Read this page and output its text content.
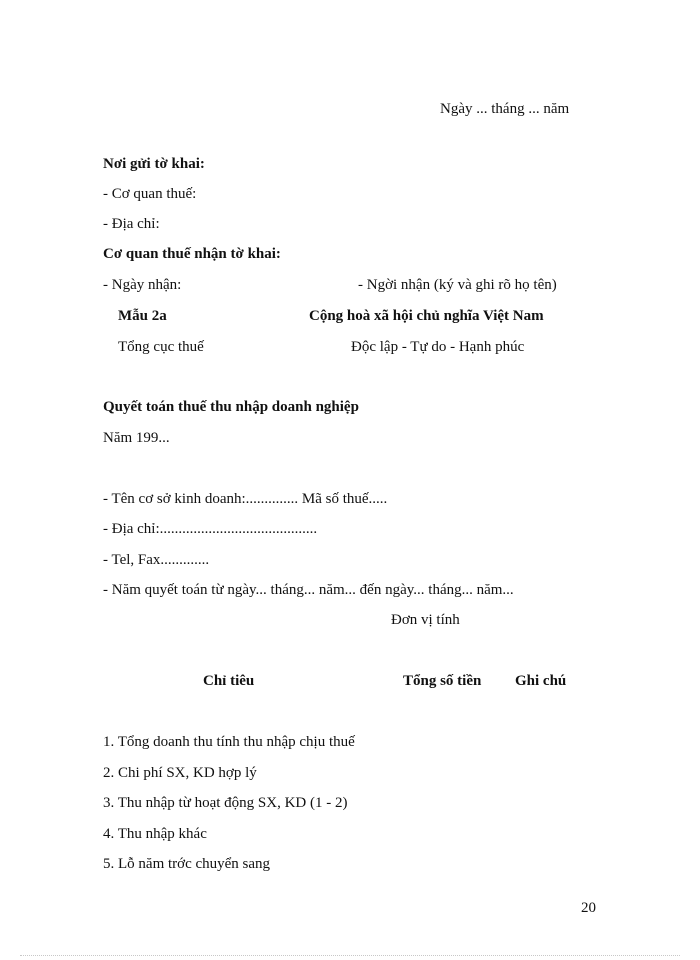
Ngày ... tháng ... năm
Nơi gửi tờ khai:
- Cơ quan thuế:
- Địa chỉ:
Cơ quan thuế nhận tờ khai:
- Ngày nhận:	- Ngời nhận (ký và ghi rõ họ tên)
Mẫu 2a	Cộng hoà xã hội chủ nghĩa Việt Nam
Tổng cục thuế	Độc lập - Tự do - Hạnh phúc
Quyết toán thuế thu nhập doanh nghiệp
Năm 199...
- Tên cơ sở kinh doanh:.............. Mã số thuế.....
- Địa chỉ:..........................................
- Tel, Fax.............
- Năm quyết toán từ ngày... tháng... năm... đến ngày... tháng... năm...
Đơn vị tính
Chỉ tiêu	Tổng số tiền Ghi chú
1. Tổng doanh thu tính thu nhập chịu thuế
2. Chi phí SX, KD hợp lý
3. Thu nhập từ hoạt động SX, KD (1 - 2)
4. Thu nhập khác
5. Lỗ năm trớc chuyển sang
20
